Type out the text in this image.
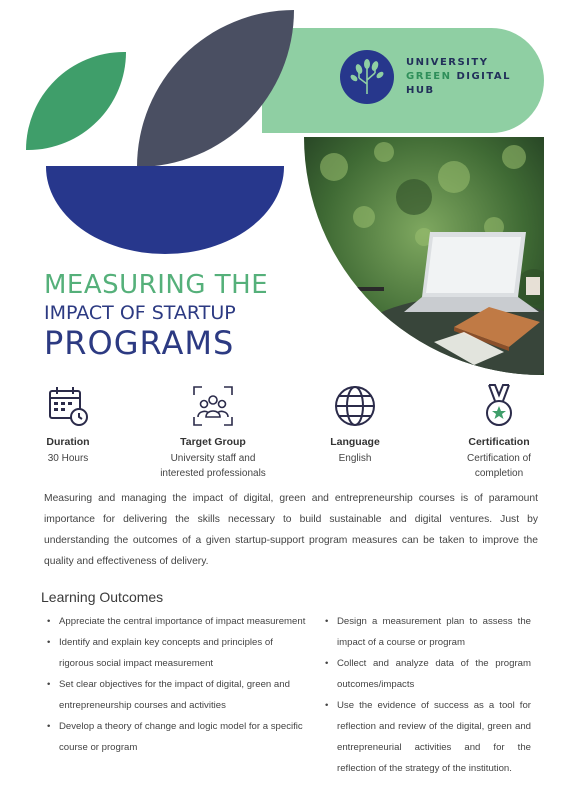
UNIVERSITY
GREEN DIGITAL
HUB
MEASURING THE
IMPACT OF STARTUP
PROGRAMS
Duration
30 Hours
Target Group
University staff and interested professionals
Language
English
Certification
Certification of completion

Measuring and managing the impact of digital, green and entrepreneurship courses is of paramount importance for delivering the skills necessary to build sustainable and digital ventures. Just by understanding the outcomes of a given startup-support program measures can be taken to improve the quality and effectiveness of delivery.

Learning Outcomes
• Appreciate the central importance of impact measurement
• Identify and explain key concepts and principles of rigorous social impact measurement
• Set clear objectives for the impact of digital, green and entrepreneurship courses and activities
• Develop a theory of change and logic model for a specific course or program
• Design a measurement plan to assess the impact of a course or program
• Collect and analyze data of the program outcomes/impacts
• Use the evidence of success as a tool for reflection and review of the digital, green and entrepreneurial activities and for the reflection of the strategy of the institution.
